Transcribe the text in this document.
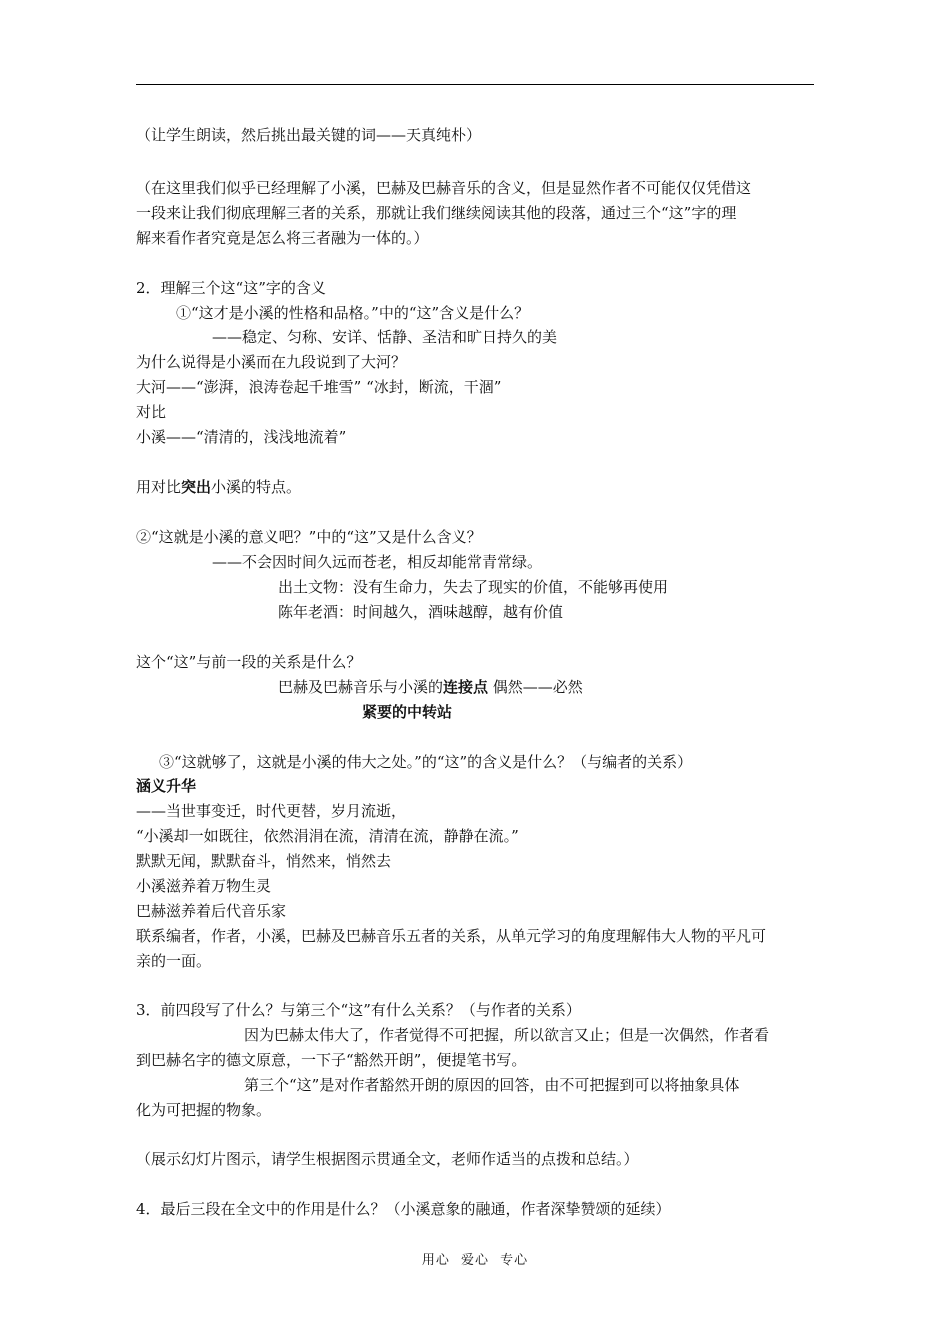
（让学生朗读，然后挑出最关键的词——天真纯朴）
（在这里我们似乎已经理解了小溪，巴赫及巴赫音乐的含义，但是显然作者不可能仅仅凭借这
一段来让我们彻底理解三者的关系，那就让我们继续阅读其他的段落，通过三个“这”字的理
解来看作者究竟是怎么将三者融为一体的。）
2．理解三个这“这”字的含义
①“这才是小溪的性格和品格。”中的“这”含义是什么？
——稳定、匀称、安详、恬静、圣洁和旷日持久的美
为什么说得是小溪而在九段说到了大河？
大河——“澎湃，浪涛卷起千堆雪” “冰封，断流，干涸”
对比
小溪——“清清的，浅浅地流着”
用对比突出小溪的特点。
②“这就是小溪的意义吧？”中的“这”又是什么含义？
——不会因时间久远而苍老，相反却能常青常绿。
出土文物：没有生命力，失去了现实的价值，不能够再使用
陈年老酒：时间越久，酒味越醇，越有价值
这个“这”与前一段的关系是什么？
巴赫及巴赫音乐与小溪的连接点 偶然——必然
紧要的中转站
③“这就够了，这就是小溪的伟大之处。”的“这”的含义是什么？（与编者的关系）
涵义升华
——当世事变迁，时代更替，岁月流逝，
“小溪却一如既往，依然涓涓在流，清清在流，静静在流。”
默默无闻，默默奋斗，悄然来，悄然去
小溪滋养着万物生灵
巴赫滋养着后代音乐家
联系编者，作者，小溪，巴赫及巴赫音乐五者的关系，从单元学习的角度理解伟大人物的平凡可
亲的一面。
3．前四段写了什么？与第三个“这”有什么关系？（与作者的关系）
因为巴赫太伟大了，作者觉得不可把握，所以欲言又止；但是一次偶然，作者看
到巴赫名字的德文原意，一下子“豁然开朗”，便提笔书写。
第三个“这”是对作者豁然开朗的原因的回答，由不可把握到可以将抽象具体
化为可把握的物象。
（展示幻灯片图示，请学生根据图示贯通全文，老师作适当的点拨和总结。）
4．最后三段在全文中的作用是什么？（小溪意象的融通，作者深挚赞颂的延续）
用心 爱心 专心
